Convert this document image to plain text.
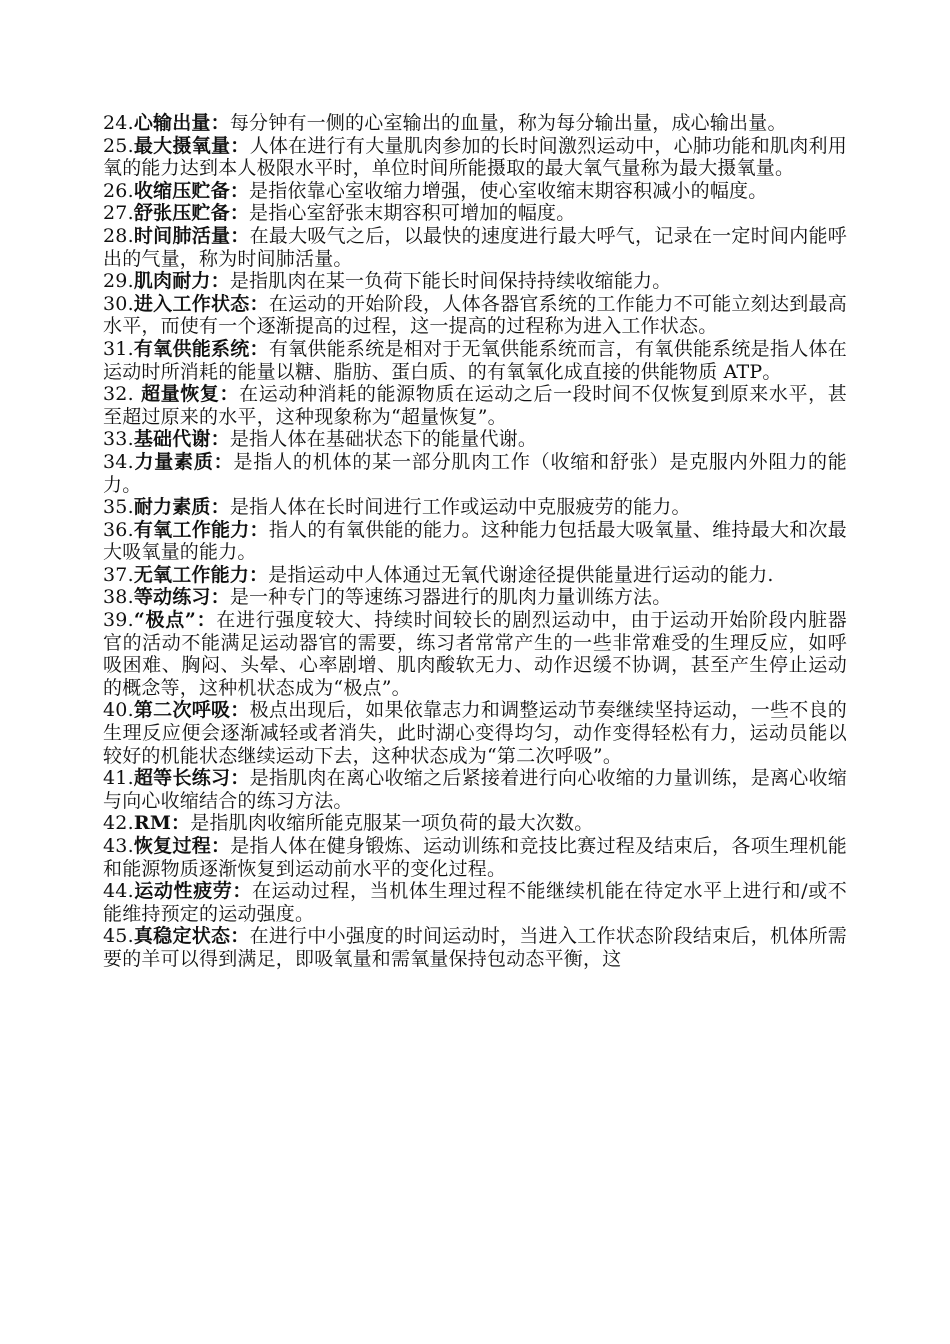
24.心输出量：每分钟有一侧的心室输出的血量，称为每分输出量，成心输出量。

25.最大摄氧量：人体在进行有大量肌肉参加的长时间激烈运动中，心肺功能和肌肉利用氧的能力达到本人极限水平时，单位时间所能摄取的最大氧气量称为最大摄氧量。

26.收缩压贮备：是指依靠心室收缩力增强，使心室收缩末期容积减小的幅度。

27.舒张压贮备：是指心室舒张末期容积可增加的幅度。

28.时间肺活量：在最大吸气之后，以最快的速度进行最大呼气，记录在一定时间内能呼出的气量，称为时间肺活量。

29.肌肉耐力：是指肌肉在某一负荷下能长时间保持持续收缩能力。

30.进入工作状态：在运动的开始阶段，人体各器官系统的工作能力不可能立刻达到最高水平，而使有一个逐渐提高的过程，这一提高的过程称为进入工作状态。

31.有氧供能系统：有氧供能系统是相对于无氧供能系统而言，有氧供能系统是指人体在运动时所消耗的能量以糖、脂肪、蛋白质、的有氧氧化成直接的供能物质 ATP。

32. 超量恢复：在运动种消耗的能源物质在运动之后一段时间不仅恢复到原来水平，甚至超过原来的水平，这种现象称为“超量恢复”。

33.基础代谢：是指人体在基础状态下的能量代谢。

34.力量素质：是指人的机体的某一部分肌肉工作（收缩和舒张）是克服内外阻力的能力。

35.耐力素质：是指人体在长时间进行工作或运动中克服疲劳的能力。

36.有氧工作能力：指人的有氧供能的能力。这种能力包括最大吸氧量、维持最大和次最大吸氧量的能力。

37.无氧工作能力：是指运动中人体通过无氧代谢途径提供能量进行运动的能力.

38.等动练习：是一种专门的等速练习器进行的肌肉力量训练方法。

39.“极点”：在进行强度较大、持续时间较长的剧烈运动中，由于运动开始阶段内脏器官的活动不能满足运动器官的需要，练习者常常产生的一些非常难受的生理反应，如呼吸困难、胸闷、头晕、心率剧增、肌肉酸软无力、动作迟缓不协调，甚至产生停止运动的概念等，这种机状态成为“极点”。

40.第二次呼吸：极点出现后，如果依靠志力和调整运动节奏继续坚持运动，一些不良的生理反应便会逐渐减轻或者消失，此时湖心变得均匀，动作变得轻松有力，运动员能以较好的机能状态继续运动下去，这种状态成为“第二次呼吸”。

41.超等长练习：是指肌肉在离心收缩之后紧接着进行向心收缩的力量训练，是离心收缩与向心收缩结合的练习方法。

42.RM：是指肌肉收缩所能克服某一项负荷的最大次数。

43.恢复过程：是指人体在健身锻炼、运动训练和竞技比赛过程及结束后，各项生理机能和能源物质逐渐恢复到运动前水平的变化过程。

44.运动性疲劳：在运动过程，当机体生理过程不能继续机能在待定水平上进行和/或不能维持预定的运动强度。

45.真稳定状态：在进行中小强度的时间运动时，当进入工作状态阶段结束后，机体所需要的羊可以得到满足，即吸氧量和需氧量保持包动态平衡，这
